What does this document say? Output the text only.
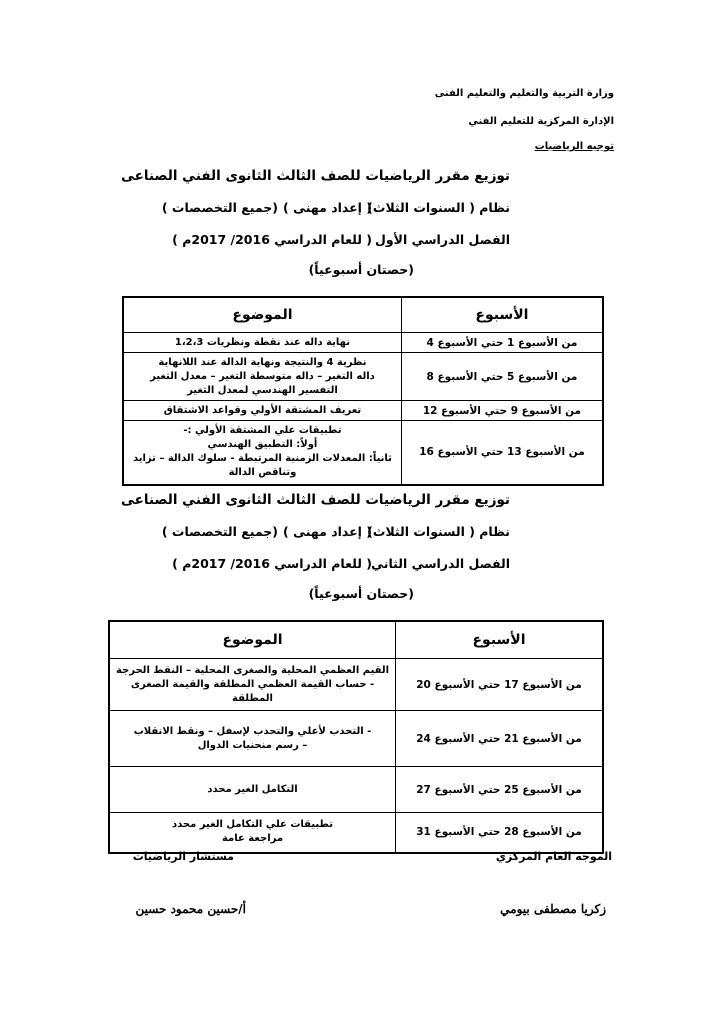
وزارة التربية والتعليم والتعليم الفنى
الإدارة المركزية للتعليم الفني
توجيه الرياضيات
توزيع مقرر الرياضيات للصف الثالث الثانوى الفني الصناعى
نظام ( السنوات الثلاث)
( إعداد مهنى )
(جميع التخصصات )
الفصل الدراسي الأول
( للعام الدراسي 2016/ 2017م )
(حصتان أسبوعياً)
الأسبوع	الموضوع
من الأسبوع 1 حتي الأسبوع 4	نهاية داله عند نقطة ونظريات 1،2،3

من الأسبوع 5 حتي الأسبوع 8	نظرية 4 والنتيجة ونهاية الدالة عند اللانهاية
داله التغير – داله متوسطة التغير – معدل التغير
التفسير الهندسي لمعدل التغير

من الأسبوع 9 حتي الأسبوع 12	تعريف المشتقة الأولي وقواعد الاشتقاق

من الأسبوع 13 حتي الأسبوع 16	تطبيقات علي المشتقة الأولي :-
أولاً: التطبيق الهندسي
ثانياً: المعدلات الزمنية المرتبطة - سلوك الدالة – تزايد
وتناقص الدالة
توزيع مقرر الرياضيات للصف الثالث الثانوى الفني الصناعى
نظام ( السنوات الثلاث)
( إعداد مهنى )
(جميع التخصصات )
الفصل الدراسي الثاني
( للعام الدراسي 2016/ 2017م )
(حصتان أسبوعياً)
الأسبوع	الموضوع
من الأسبوع 17 حتي الأسبوع 20	القيم العظمي المحلية والصغرى المحلية – النقط الحرجة
- حساب القيمة العظمي المطلقة والقيمة الصغرى المطلقة

من الأسبوع 21 حتي الأسبوع 24	- التحدب لأعلي والتحدب لإسفل – ونقط الانقلاب
– رسم منحنيات الدوال

من الأسبوع 25 حتي الأسبوع 27	التكامل الغير محدد

من الأسبوع 28 حتي الأسبوع 31	تطبيقات علي التكامل الغير محدد
مراجعة عامة
الموجه العام المركزي
زكريا مصطفى بيومي
مستشار الرياضيات
أ/حسين محمود حسين
